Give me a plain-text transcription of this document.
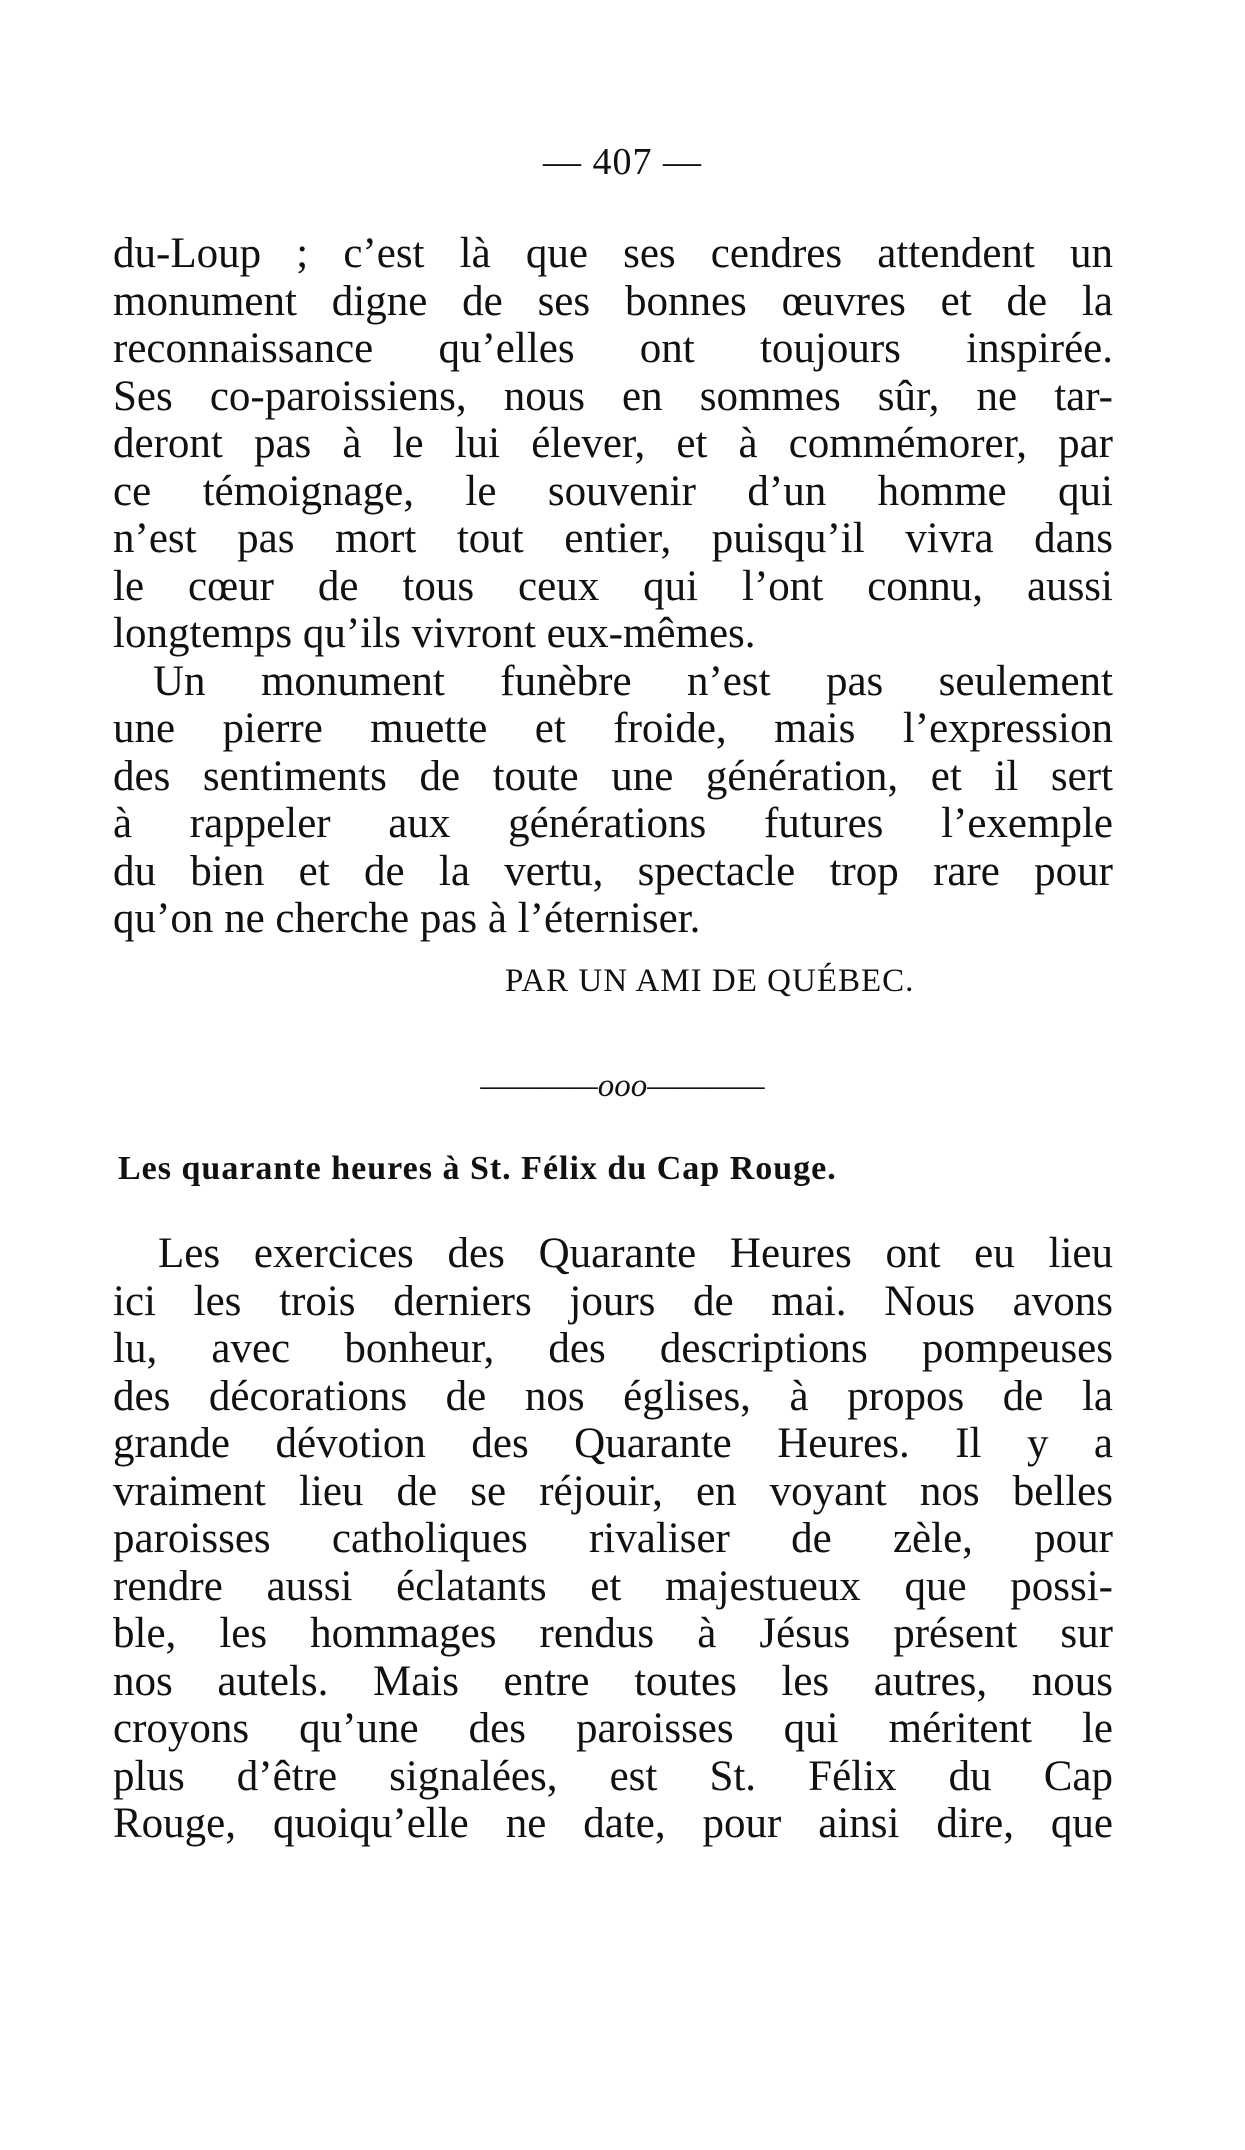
— 407 —
du-Loup ; c’est là que ses cendres attendent un
monument digne de ses bonnes œuvres et de la
reconnaissance qu’elles ont toujours inspirée.
Ses co-paroissiens, nous en sommes sûr, ne tar-
deront pas à le lui élever, et à commémorer, par
ce témoignage, le souvenir d’un homme qui
n’est pas mort tout entier, puisqu’il vivra dans
le cœur de tous ceux qui l’ont connu, aussi
longtemps qu’ils vivront eux-mêmes.
Un monument funèbre n’est pas seulement
une pierre muette et froide, mais l’expression
des sentiments de toute une génération, et il sert
à rappeler aux générations futures l’exemple
du bien et de la vertu, spectacle trop rare pour
qu’on ne cherche pas à l’éterniser.
PAR UN AMI DE QUÉBEC.
————ooo————
Les quarante heures à St. Félix du Cap Rouge.
Les exercices des Quarante Heures ont eu lieu
ici les trois derniers jours de mai. Nous avons
lu, avec bonheur, des descriptions pompeuses
des décorations de nos églises, à propos de la
grande dévotion des Quarante Heures. Il y a
vraiment lieu de se réjouir, en voyant nos belles
paroisses catholiques rivaliser de zèle, pour
rendre aussi éclatants et majestueux que possi-
ble, les hommages rendus à Jésus présent sur
nos autels. Mais entre toutes les autres, nous
croyons qu’une des paroisses qui méritent le
plus d’être signalées, est St. Félix du Cap
Rouge, quoiqu’elle ne date, pour ainsi dire, que
